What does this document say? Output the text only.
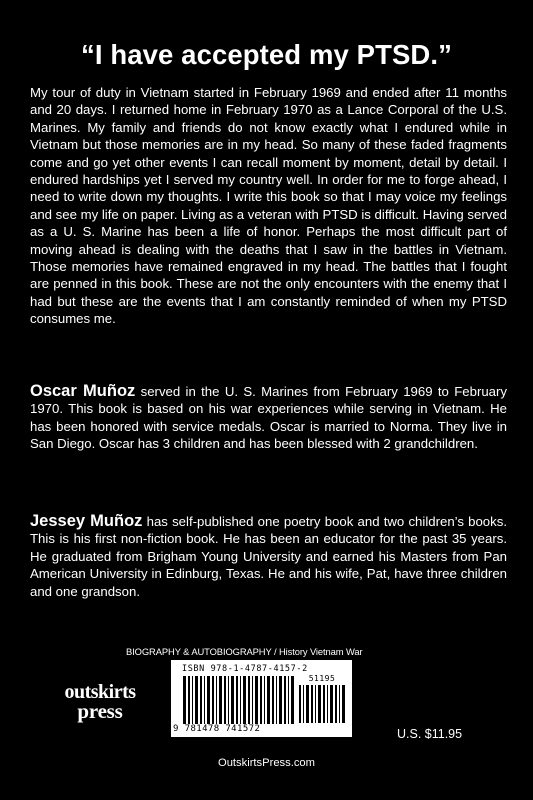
“I have accepted my PTSD.”

My tour of duty in Vietnam started in February 1969 and ended after 11 months and 20 days. I returned home in February 1970 as a Lance Corporal of the U.S. Marines. My family and friends do not know exactly what I endured while in Vietnam but those memories are in my head. So many of these faded fragments come and go yet other events I can recall moment by moment, detail by detail. I endured hardships yet I served my country well. In order for me to forge ahead, I need to write down my thoughts. I write this book so that I may voice my feelings and see my life on paper. Living as a veteran with PTSD is difficult. Having served as a U. S. Marine has been a life of honor. Perhaps the most difficult part of moving ahead is dealing with the deaths that I saw in the battles in Vietnam. Those memories have remained engraved in my head. The battles that I fought are penned in this book. These are not the only encounters with the enemy that I had but these are the events that I am constantly reminded of when my PTSD consumes me.

Oscar Muñoz served in the U. S. Marines from February 1969 to February 1970. This book is based on his war experiences while serving in Vietnam. He has been honored with service medals. Oscar is married to Norma. They live in San Diego. Oscar has 3 children and has been blessed with 2 grandchildren.

Jessey Muñoz has self-published one poetry book and two children’s books. This is his first non-fiction book. He has been an educator for the past 35 years. He graduated from Brigham Young University and earned his Masters from Pan American University in Edinburg, Texas. He and his wife, Pat, have three children and one grandson.

BIOGRAPHY & AUTOBIOGRAPHY / History Vietnam War
ISBN 978-1-4787-4157-2
51195
9 781478 741572
outskirts
press
U.S. $11.95
OutskirtsPress.com
